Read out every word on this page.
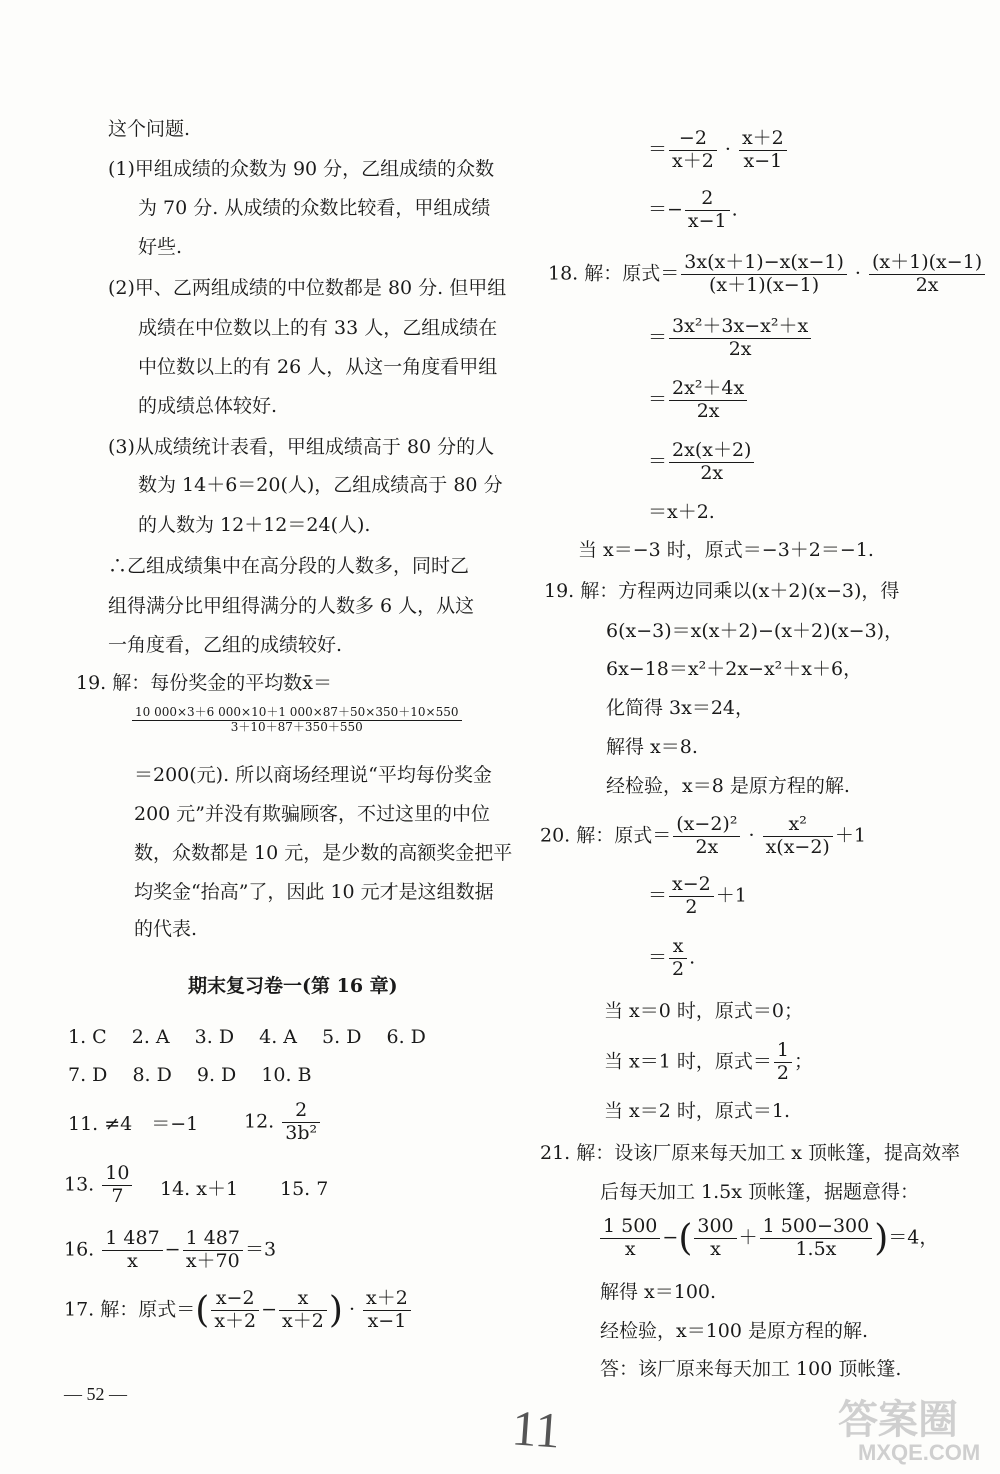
这个问题.
(1)甲组成绩的众数为 90 分，乙组成绩的众数
为 70 分. 从成绩的众数比较看，甲组成绩
好些.
(2)甲、乙两组成绩的中位数都是 80 分. 但甲组
成绩在中位数以上的有 33 人，乙组成绩在
中位数以上的有 26 人，从这一角度看甲组
的成绩总体较好.
(3)从成绩统计表看，甲组成绩高于 80 分的人
数为 14＋6＝20(人)，乙组成绩高于 80 分
的人数为 12＋12＝24(人).
∴乙组成绩集中在高分段的人数多，同时乙
组得满分比甲组得满分的人数多 6 人，从这
一角度看，乙组的成绩较好.
19. 解：每份奖金的平均数x̄＝
$\frac{10 000\times 3+6 000\times 10+1 000\times 87+50\times 350+10\times 550}{3+10+87+350+550}$
＝200(元). 所以商场经理说“平均每份奖金
200 元”并没有欺骗顾客，不过这里的中位
数，众数都是 10 元，是少数的高额奖金把平
均奖金“抬高”了，因此 10 元才是这组数据
的代表.
期末复习卷一(第 16 章)
1. C　 2. A　 3. D　 4. A　 5. D　 6. D
7. D　 8. D　 9. D　 10. B
11. ≠4　＝−1 12. $\frac{2}{\text{3b²}}$
13. $\frac{10}{7} 14$. x＋1 15. 7
16. $\frac{1 487}{x} - \frac{1 487}{x+70} =3$
17. 解：原式＝( $\frac{x-2}{x+2} - \frac{x}{x+2}$ ) · $\frac{x+2}{x-1}$
— 52 —
＝ $\frac{-2}{x+2} \cdot \frac{x+2}{x-1}$
＝− $\frac{2}{x-1}$ .
18. 解：原式＝ $\frac{3x(x+1)-x(x-1)}{(x+1)(x-1)} \cdot \frac{(x+1)(x-1)}{2x}$
＝ $\frac{\text{3x²＋3x−x²＋x}}{2x}$
＝ $\frac{\text{2x²＋4x}}{2x}$
＝ $\frac{2x(x+2)}{2x}$
＝x＋2.
当 x＝−3 时，原式＝−3＋2＝−1.
19. 解：方程两边同乘以(x＋2)(x−3)，得
6(x−3)＝x(x＋2)−(x＋2)(x−3)，
6x−18＝x²＋2x−x²＋x＋6，
化简得 3x＝24，
解得 x＝8.
经检验，x＝8 是原方程的解.
20. 解：原式＝ $\frac{\text{(x−2)²}}{2x} \cdot \frac{\text{x²}}{x(x-2)} +1$
＝ $\frac{x-2}{2} +1$
＝ $\frac{x}{2}$ .
当 x＝0 时，原式＝0；
当 x＝1 时，原式＝ $\frac{1}{2}$ ；
当 x＝2 时，原式＝1.
21. 解：设该厂原来每天加工 x 顶帐篷，提高效率
后每天加工 1.5x 顶帐篷，据题意得：
$\frac{1 500}{x}$ −( $\frac{300}{x} + \frac{1 500-300}{1.5x} )=4$，
解得 x＝100.
经检验，x＝100 是原方程的解.
答：该厂原来每天加工 100 顶帐篷.
11	答案圈
MXQE.COM
